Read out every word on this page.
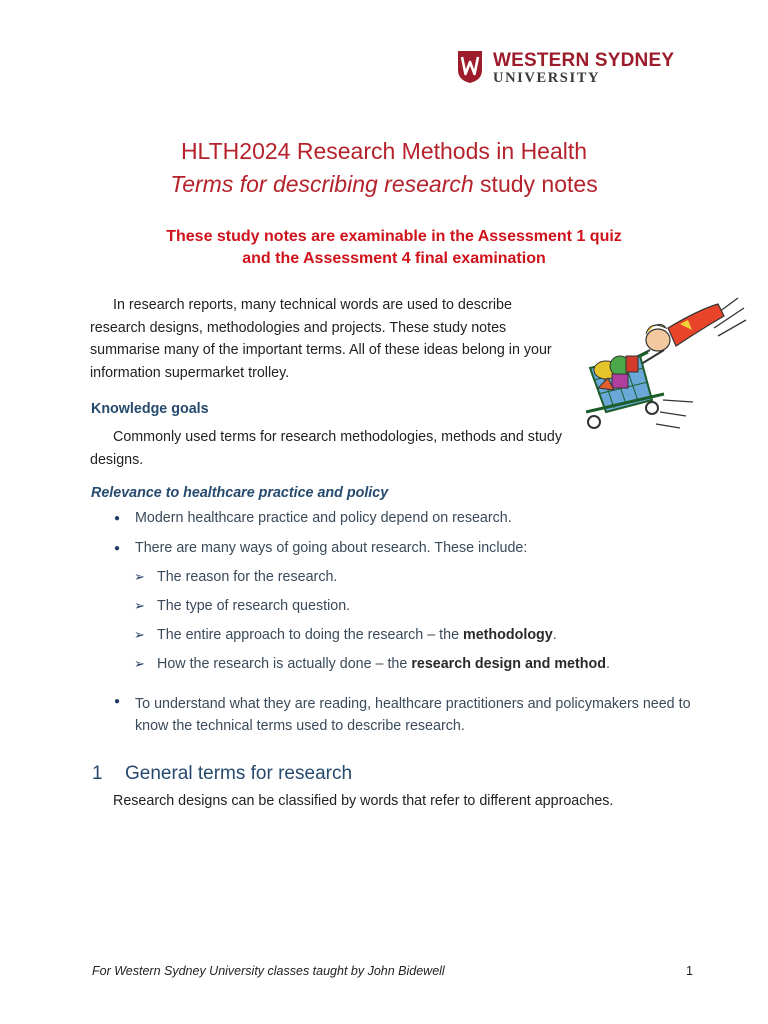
WESTERN SYDNEY
UNIVERSITY
HLTH2024 Research Methods in Health
Terms for describing research study notes
These study notes are examinable in the Assessment 1 quiz
and the Assessment 4 final examination
In research reports, many technical words are used to describe research designs, methodologies and projects. These study notes summarise many of the important terms. All of these ideas belong in your information supermarket trolley.
Knowledge goals
Commonly used terms for research methodologies, methods and study designs.
Relevance to healthcare practice and policy
● Modern healthcare practice and policy depend on research.
● There are many ways of going about research. These include:
➢ The reason for the research.
➢ The type of research question.
➢ The entire approach to doing the research – the methodology.
➢ How the research is actually done – the research design and method.
● To understand what they are reading, healthcare practitioners and policymakers need to know the technical terms used to describe research.
1 General terms for research
Research designs can be classified by words that refer to different approaches.
For Western Sydney University classes taught by John Bidewell	1
